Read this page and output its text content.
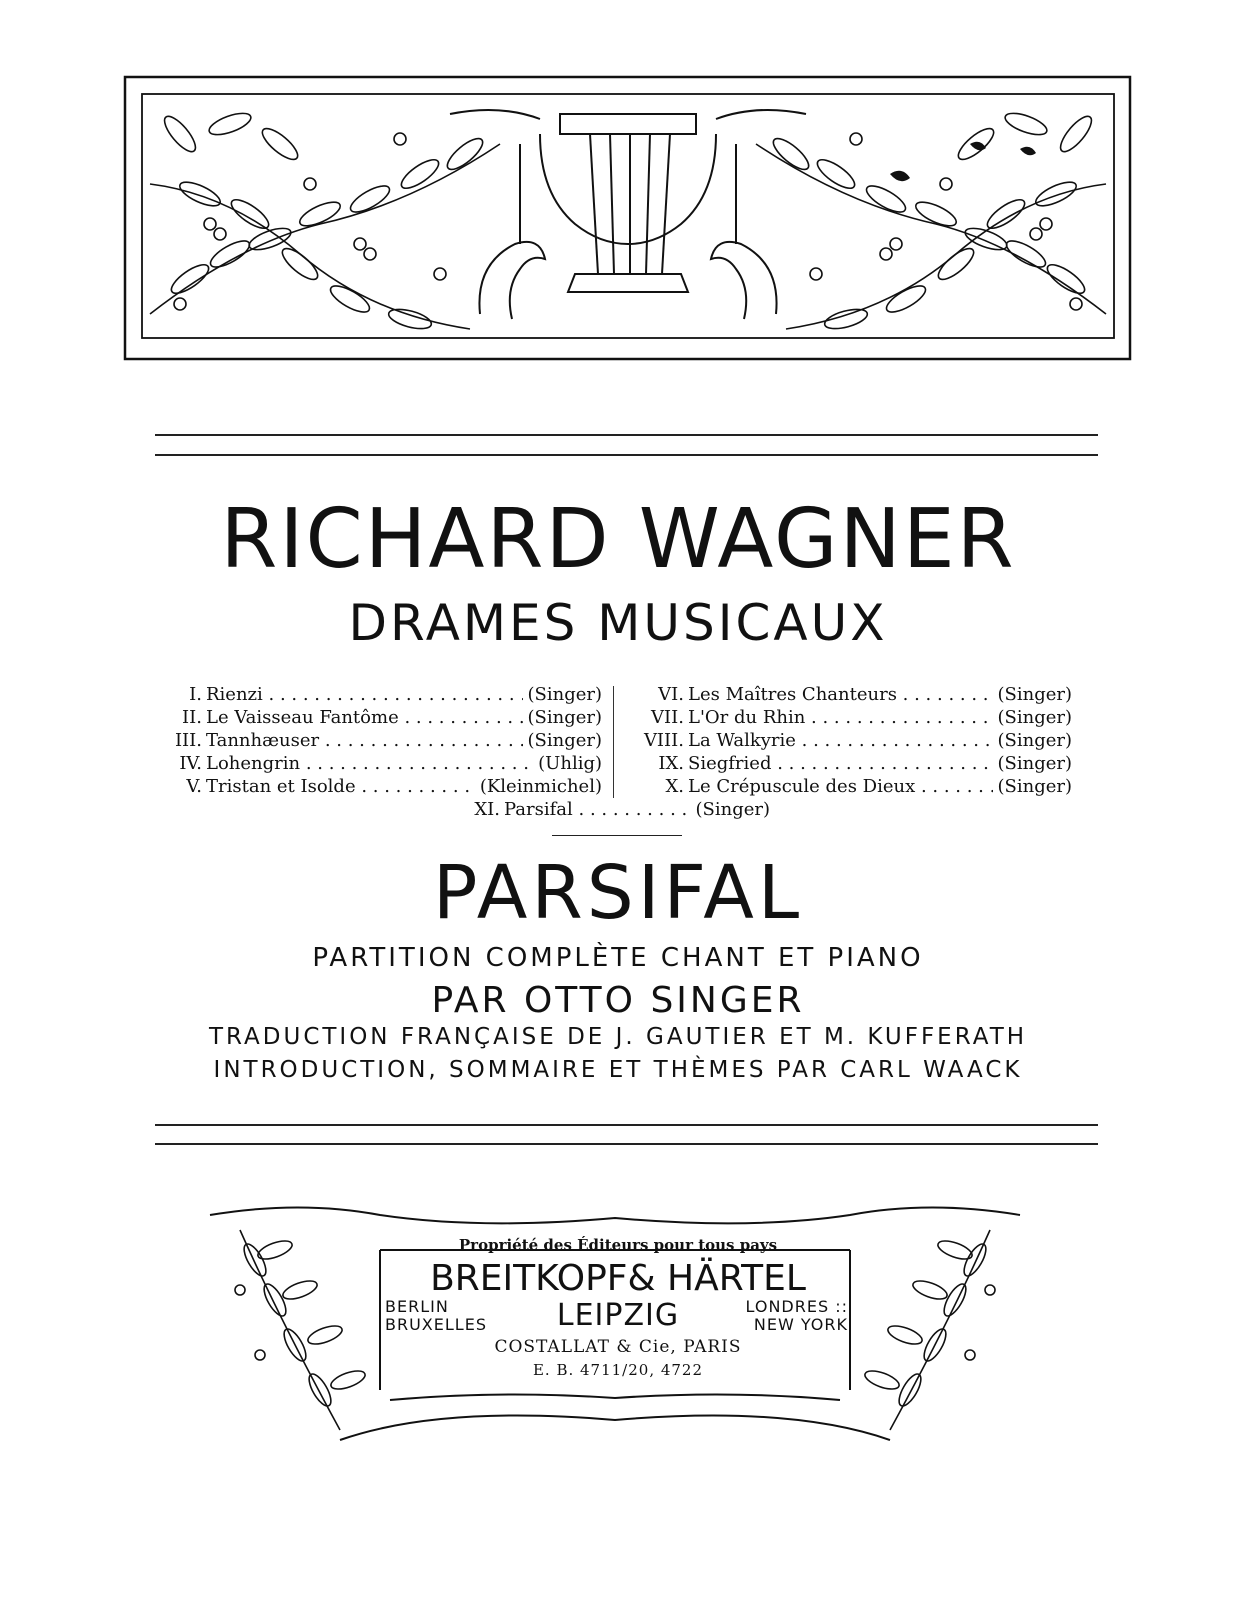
RICHARD WAGNER
DRAMES MUSICAUX
I. Rienzi . . .	(Singer)
II. Le Vaisseau Fantôme . . .	(Singer)
III. Tannhæuser . . .	(Singer)
IV. Lohengrin . . .	(Uhlig)
V. Tristan et Isolde . . .	(Kleinmichel)
VI. Les Maîtres Chanteurs . . .	(Singer)
VII. L'Or du Rhin . . .	(Singer)
VIII. La Walkyrie . . .	(Singer)
IX. Siegfried . . .	(Singer)
X. Le Crépuscule des Dieux . . .	(Singer)
XI. Parsifal . . .	(Singer)
PARSIFAL
PARTITION COMPLÈTE CHANT ET PIANO
PAR OTTO SINGER
TRADUCTION FRANÇAISE DE J. GAUTIER ET M. KUFFERATH
INTRODUCTION, SOMMAIRE ET THÈMES PAR CARL WAACK
Propriété des Éditeurs pour tous pays
BREITKOPF& HÄRTEL
BERLIN
BRUXELLES	LEIPZIG	LONDRES ::
NEW YORK
COSTALLAT & Cie, PARIS
E. B. 4711/20, 4722
